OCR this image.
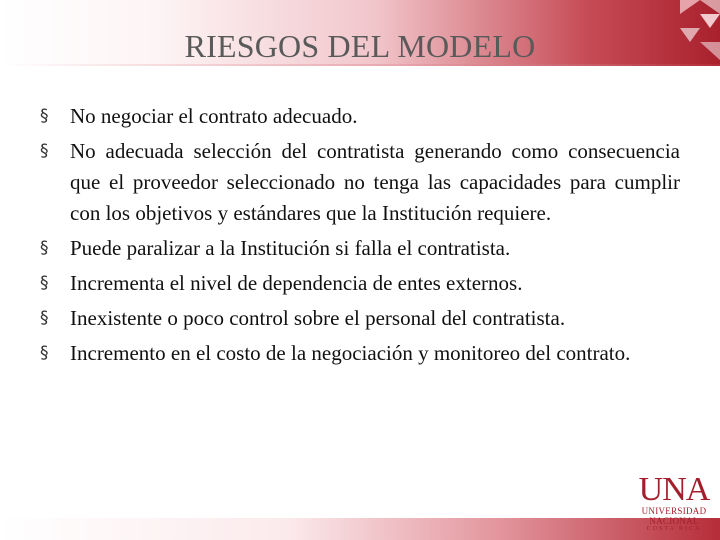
RIESGOS DEL MODELO
§ No negociar el contrato adecuado.
§ No adecuada selección del contratista generando como consecuencia que el proveedor seleccionado no tenga las capacidades para cumplir con los objetivos y estándares que la Institución requiere.
§ Puede paralizar a la Institución si falla el contratista.
§ Incrementa el nivel de dependencia de entes externos.
§ Inexistente o poco control sobre el personal del contratista.
§ Incremento en el costo de la negociación y monitoreo del contrato.
UNA
UNIVERSIDAD
NACIONAL
COSTA RICA
